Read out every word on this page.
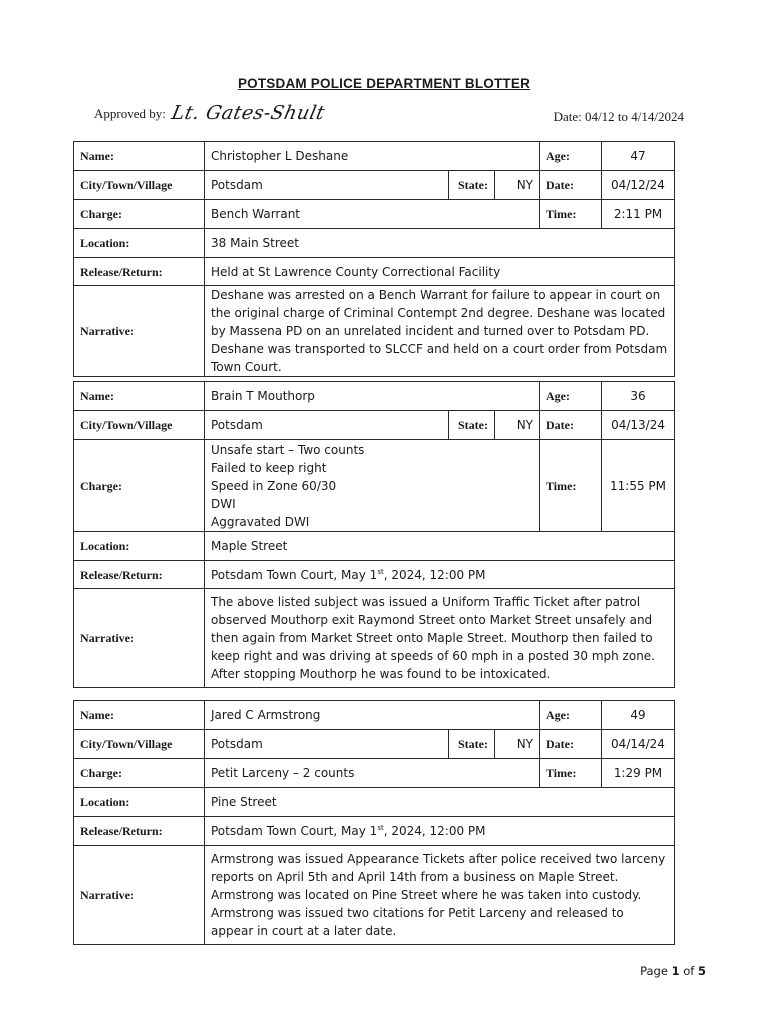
POTSDAM POLICE DEPARTMENT BLOTTER
Approved by: Lt. Gates-Shult	Date: 04/12 to 4/14/2024
Name:	Christopher L Deshane			Age:	47
City/Town/Village	Potsdam	State:	NY	Date:	04/12/24
Charge:	Bench Warrant			Time:	2:11 PM
Location:	38 Main Street				
Release/Return:	Held at St Lawrence County Correctional Facility				
Narrative:	Deshane was arrested on a Bench Warrant for failure to appear in court on the original charge of Criminal Contempt 2nd degree. Deshane was located by Massena PD on an unrelated incident and turned over to Potsdam PD. Deshane was transported to SLCCF and held on a court order from Potsdam Town Court.				
Name:	Brain T Mouthorp			Age:	36
City/Town/Village	Potsdam	State:	NY	Date:	04/13/24
Charge:	Unsafe start – Two counts
Failed to keep right
Speed in Zone 60/30
DWI
Aggravated DWI			Time:	11:55 PM
Location:	Maple Street				
Release/Return:	Potsdam Town Court, May 1st, 2024, 12:00 PM				
Narrative:	The above listed subject was issued a Uniform Traffic Ticket after patrol observed Mouthorp exit Raymond Street onto Market Street unsafely and then again from Market Street onto Maple Street. Mouthorp then failed to keep right and was driving at speeds of 60 mph in a posted 30 mph zone. After stopping Mouthorp he was found to be intoxicated.				
Name:	Jared C Armstrong			Age:	49
City/Town/Village	Potsdam	State:	NY	Date:	04/14/24
Charge:	Petit Larceny – 2 counts			Time:	1:29 PM
Location:	Pine Street				
Release/Return:	Potsdam Town Court, May 1st, 2024, 12:00 PM				
Narrative:	Armstrong was issued Appearance Tickets after police received two larceny reports on April 5th and April 14th from a business on Maple Street. Armstrong was located on Pine Street where he was taken into custody. Armstrong was issued two citations for Petit Larceny and released to appear in court at a later date.				
Page 1 of 5
